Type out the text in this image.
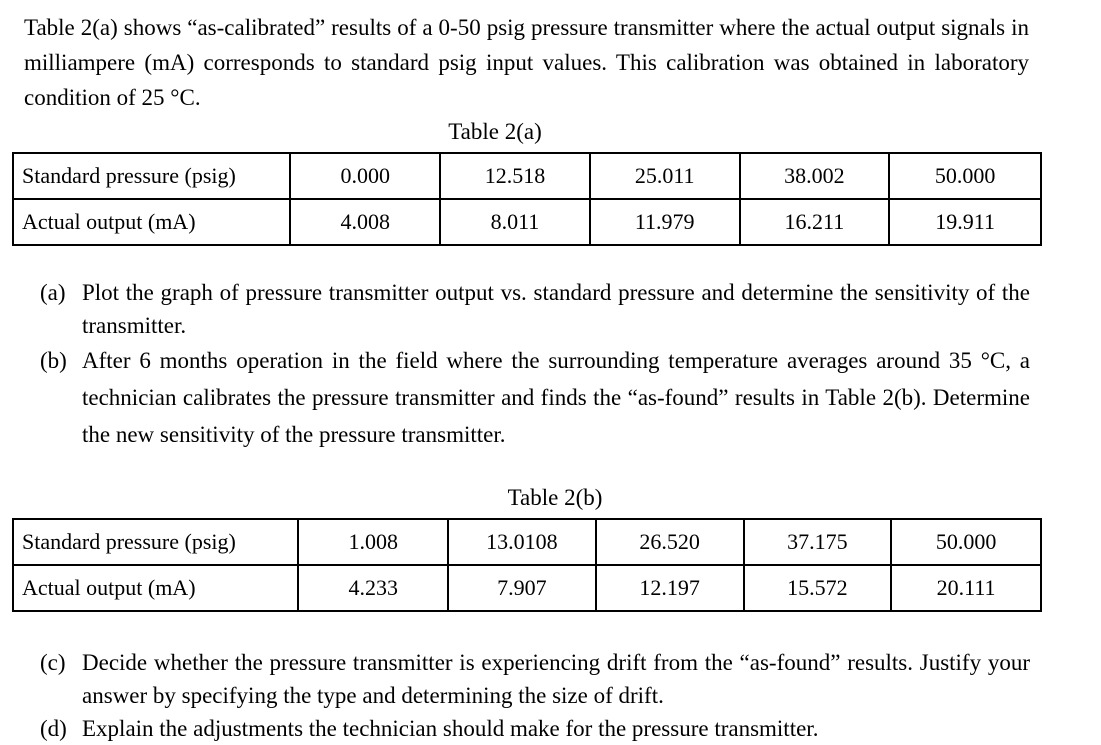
Table 2(a) shows “as-calibrated” results of a 0-50 psig pressure transmitter where the actual output signals in milliampere (mA) corresponds to standard psig input values. This calibration was obtained in laboratory condition of 25 °C.
Table 2(a)
Standard pressure (psig)	0.000	12.518	25.011	38.002	50.000
Actual output (mA)	4.008	8.011	11.979	16.211	19.911
(a) Plot the graph of pressure transmitter output vs. standard pressure and determine the sensitivity of the transmitter.
(b) After 6 months operation in the field where the surrounding temperature averages around 35 °C, a technician calibrates the pressure transmitter and finds the “as-found” results in Table 2(b). Determine the new sensitivity of the pressure transmitter.
Table 2(b)
Standard pressure (psig)	1.008	13.0108	26.520	37.175	50.000
Actual output (mA)	4.233	7.907	12.197	15.572	20.111
(c) Decide whether the pressure transmitter is experiencing drift from the “as-found” results. Justify your answer by specifying the type and determining the size of drift.
(d) Explain the adjustments the technician should make for the pressure transmitter.
